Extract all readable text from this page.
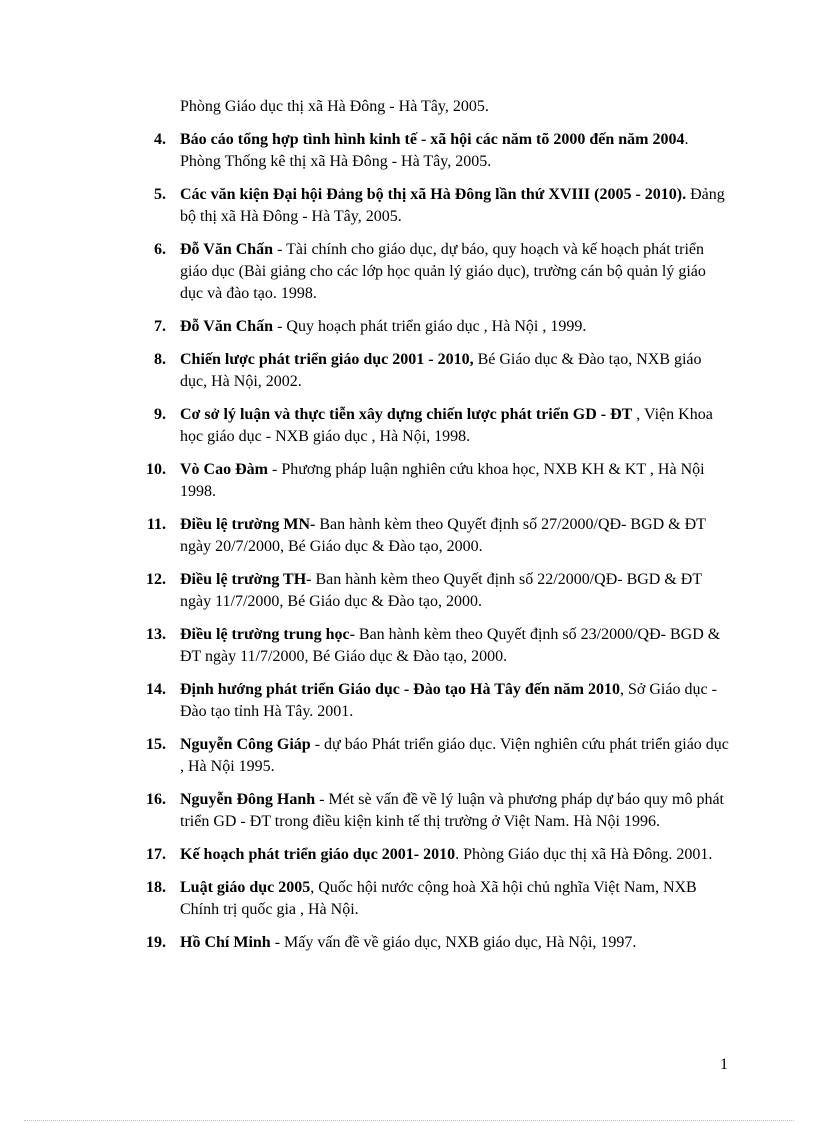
Phòng Giáo dục thị xã Hà Đông - Hà Tây, 2005.

4. Báo cáo tổng hợp tình hình kinh tế - xã hội các năm tõ 2000 đến năm 2004. Phòng Thống kê thị xã Hà Đông - Hà Tây, 2005.
5. Các văn kiện Đại hội Đảng bộ thị xã Hà Đông lần thứ XVIII (2005 - 2010). Đảng bộ thị xã Hà Đông - Hà Tây, 2005.
6. Đỗ Văn Chấn - Tài chính cho giáo dục, dự báo, quy hoạch và kế hoạch phát triển giáo dục (Bài giảng cho các lớp học quản lý giáo dục), trường cán bộ quản lý giáo dục và đào tạo. 1998.
7. Đỗ Văn Chấn - Quy hoạch phát triển giáo dục , Hà Nội , 1999.
8. Chiến lược phát triển giáo dục 2001 - 2010, Bé Giáo dục & Đào tạo, NXB giáo dục, Hà Nội, 2002.
9. Cơ sở lý luận và thực tiễn xây dựng chiến lược phát triển GD - ĐT , Viện Khoa học giáo dục - NXB giáo dục , Hà Nội, 1998.
10. Vò Cao Đàm - Phương pháp luận nghiên cứu khoa học, NXB KH & KT , Hà Nội 1998.
11. Điều lệ trường MN- Ban hành kèm theo Quyết định số 27/2000/QĐ- BGD & ĐT ngày 20/7/2000, Bé Giáo dục & Đào tạo, 2000.
12. Điều lệ trường TH- Ban hành kèm theo Quyết định số 22/2000/QĐ- BGD & ĐT ngày 11/7/2000, Bé Giáo dục & Đào tạo, 2000.
13. Điều lệ trường trung học- Ban hành kèm theo Quyết định số 23/2000/QĐ- BGD & ĐT ngày 11/7/2000, Bé Giáo dục & Đào tạo, 2000.
14. Định hướng phát triển Giáo dục - Đào tạo Hà Tây đến năm 2010, Sở Giáo dục - Đào tạo tỉnh Hà Tây. 2001.
15. Nguyễn Công Giáp - dự báo Phát triển giáo dục. Viện nghiên cứu phát triển giáo dục , Hà Nội 1995.
16. Nguyễn Đông Hanh - Mét sè vấn đề về lý luận và phương pháp dự báo quy mô phát triển GD - ĐT trong điều kiện kinh tế thị trường ở Việt Nam. Hà Nội 1996.
17. Kế hoạch phát triển giáo dục 2001- 2010. Phòng Giáo dục thị xã Hà Đông. 2001.
18. Luật giáo dục 2005, Quốc hội nước cộng hoà Xã hội chủ nghĩa Việt Nam, NXB Chính trị quốc gia , Hà Nội.
19. Hồ Chí Minh - Mấy vấn đề về giáo dục, NXB giáo dục, Hà Nội, 1997.
1
